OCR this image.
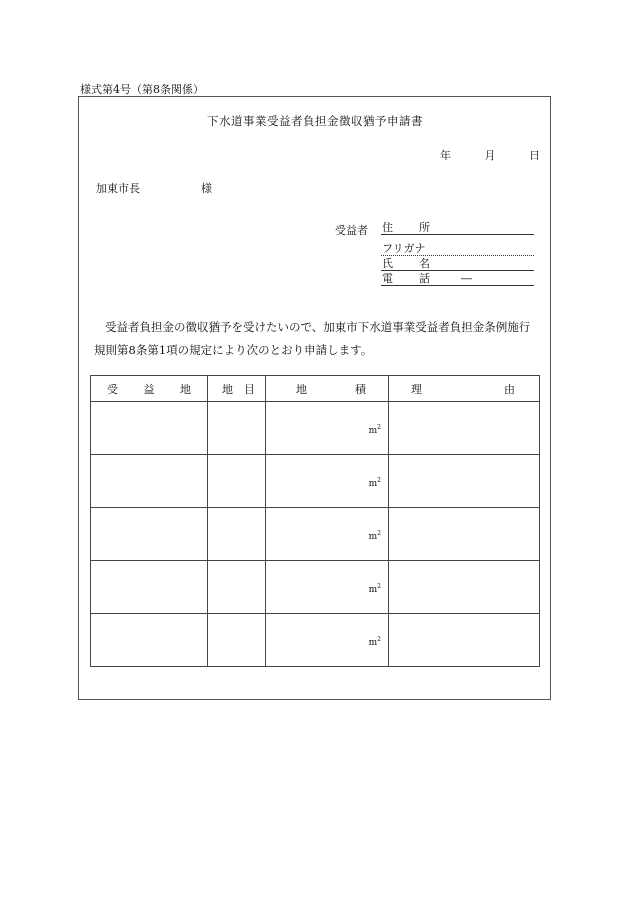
様式第4号（第8条関係）
下水道事業受益者負担金徴収猶予申請書
年	月	日
加東市長	様
受益者 住 所
フリガナ
氏 名
電 話	―
受益者負担金の徴収猶予を受けたいので、加東市下水道事業受益者負担金条例施行
規則第8条第1項の規定により次のとおり申請します。
受 益 地	地 目	地 積	理 由

		$m^2$

		$m^2$

		$m^2$

		$m^2$

		$m^2$
